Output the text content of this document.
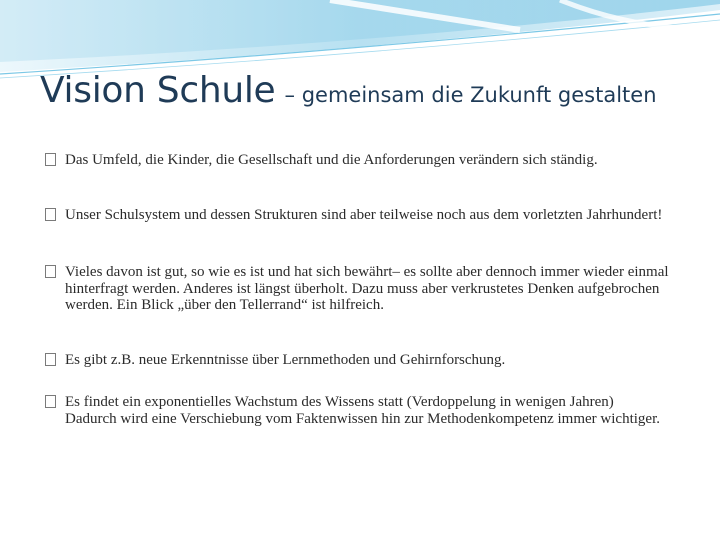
Vision Schule – gemeinsam die Zukunft gestalten
Das Umfeld, die Kinder, die Gesellschaft und die Anforderungen verändern sich ständig.
Unser Schulsystem und dessen Strukturen sind aber teilweise noch aus dem vorletzten Jahrhundert!
Vieles davon ist gut, so wie es ist und hat sich bewährt– es sollte aber dennoch immer wieder einmal hinterfragt werden. Anderes ist längst überholt. Dazu muss aber verkrustetes Denken aufgebrochen werden. Ein Blick „über den Tellerrand“ ist hilfreich.
Es gibt z.B. neue Erkenntnisse über Lernmethoden und Gehirnforschung.
Es findet ein exponentielles Wachstum des Wissens statt (Verdoppelung in wenigen Jahren)
Dadurch wird eine Verschiebung vom Faktenwissen hin zur Methodenkompetenz immer wichtiger.
